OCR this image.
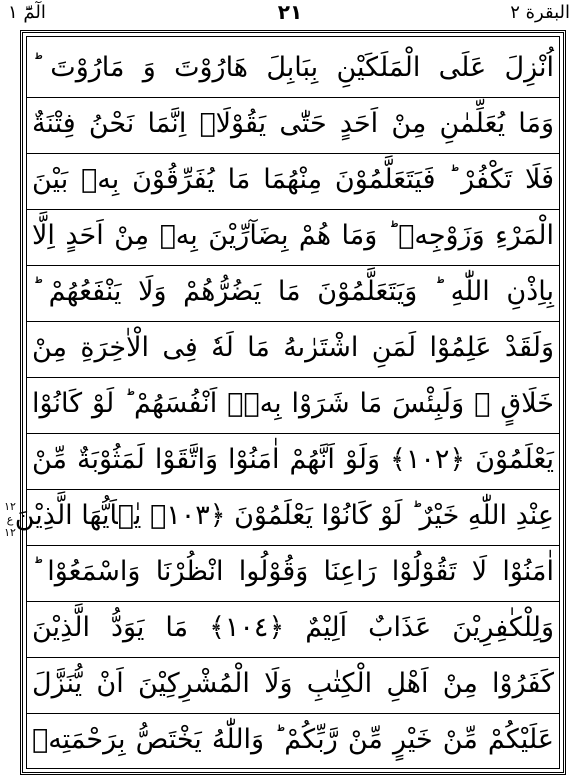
البقرة ٢
٢١
الٓمّٓ ١
١٢ ع ١٢
اُنْزِلَ عَلَى الْمَلَكَيْنِ بِبَابِلَ هَارُوْتَ وَ مَارُوْتَ ؕ
وَمَا يُعَلِّمٰنِ مِنْ اَحَدٍ حَتّٰى يَقُوْلَاۤ اِنَّمَا نَحْنُ فِتْنَةٌ
فَلَا تَكْفُرْ ؕ فَيَتَعَلَّمُوْنَ مِنْهُمَا مَا يُفَرِّقُوْنَ بِهٖ بَيْنَ
الْمَرْءِ وَزَوْجِهٖ ؕ وَمَا هُمْ بِضَآرِّيْنَ بِهٖ مِنْ اَحَدٍ اِلَّا
بِاِذْنِ اللّٰهِ ؕ وَيَتَعَلَّمُوْنَ مَا يَضُرُّهُمْ وَلَا يَنْفَعُهُمْ ؕ
وَلَقَدْ عَلِمُوْا لَمَنِ اشْتَرٰىهُ مَا لَهٗ فِى الْاٰخِرَةِ مِنْ
خَلَاقٍ ۛ وَلَبِئْسَ مَا شَرَوْا بِهٖۤ اَنْفُسَهُمْ ؕ لَوْ كَانُوْا
يَعْلَمُوْنَ ﴿١٠٢﴾ وَلَوْ اَنَّهُمْ اٰمَنُوْا وَاتَّقَوْا لَمَثُوْبَةٌ مِّنْ
عِنْدِ اللّٰهِ خَيْرٌ ؕ لَوْ كَانُوْا يَعْلَمُوْنَ ﴿١٠٣﴾ يٰۤاَيُّهَا الَّذِيْنَ
اٰمَنُوْا لَا تَقُوْلُوْا رَاعِنَا وَقُوْلُوا انْظُرْنَا وَاسْمَعُوْا ؕ
وَلِلْكٰفِرِيْنَ عَذَابٌ اَلِيْمٌ ﴿١٠٤﴾ مَا يَوَدُّ الَّذِيْنَ
كَفَرُوْا مِنْ اَهْلِ الْكِتٰبِ وَلَا الْمُشْرِكِيْنَ اَنْ يُّنَزَّلَ
عَلَيْكُمْ مِّنْ خَيْرٍ مِّنْ رَّبِّكُمْ ؕ وَاللّٰهُ يَخْتَصُّ بِرَحْمَتِهٖ
